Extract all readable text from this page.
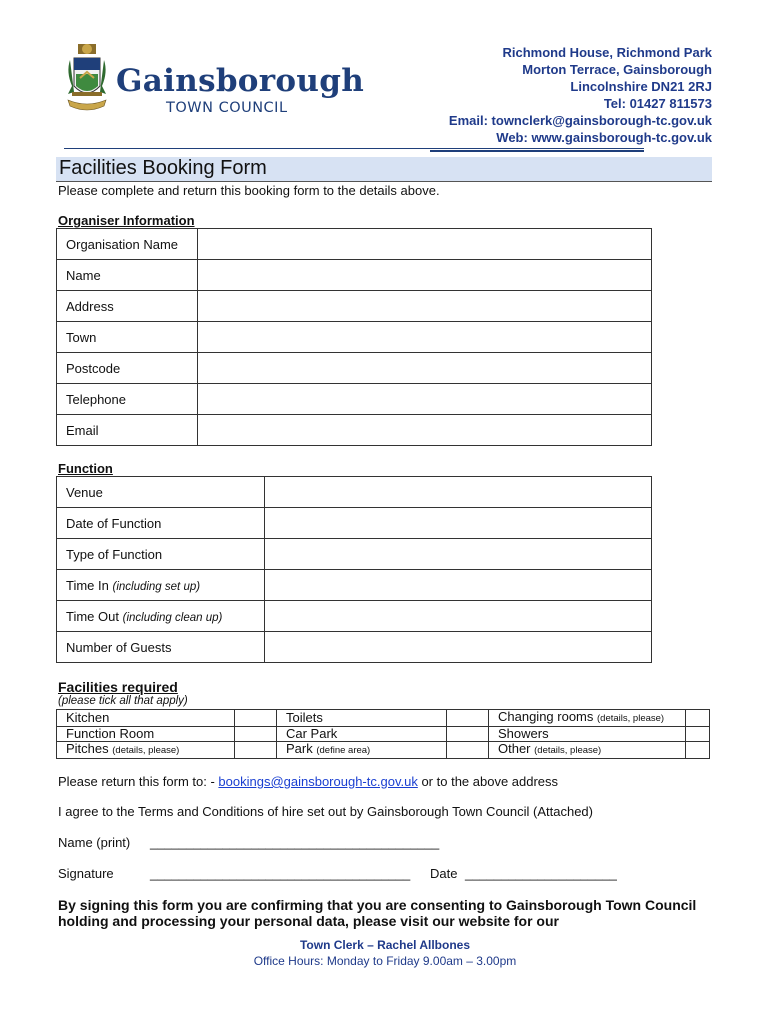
Gainsborough
TOWN COUNCIL
Richmond House, Richmond Park
Morton Terrace, Gainsborough
Lincolnshire DN21 2RJ
Tel: 01427 811573
Email: townclerk@gainsborough-tc.gov.uk
Web: www.gainsborough-tc.gov.uk
Facilities Booking Form
Please complete and return this booking form to the details above.
Organiser Information
Organisation Name	
Name	
Address	
Town	
Postcode	
Telephone	
Email	
Function
Venue	
Date of Function	
Type of Function	
Time In (including set up)	
Time Out (including clean up)	
Number of Guests	
Facilities required
(please tick all that apply)
Kitchen		Toilets		Changing rooms (details, please)	
Function Room		Car Park		Showers	
Pitches (details, please)		Park (define area)		Other (details, please)	
Please return this form to: - bookings@gainsborough-tc.gov.uk or to the above address
I agree to the Terms and Conditions of hire set out by Gainsborough Town Council (Attached)
Name (print) ________________________________________
Signature	____________________________________ Date _____________________
By signing this form you are confirming that you are consenting to Gainsborough Town Council holding and processing your personal data, please visit our website for our
Town Clerk – Rachel Allbones
Office Hours: Monday to Friday 9.00am – 3.00pm
